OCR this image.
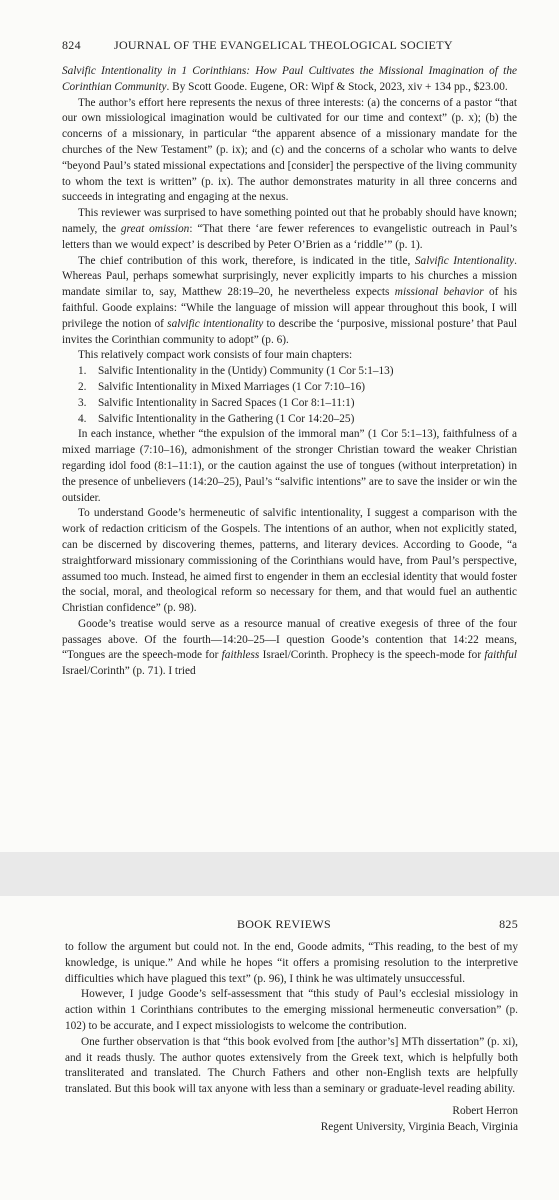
824	JOURNAL OF THE EVANGELICAL THEOLOGICAL SOCIETY

Salvific Intentionality in 1 Corinthians: How Paul Cultivates the Missional Imagination of the Corinthian Community. By Scott Goode. Eugene, OR: Wipf & Stock, 2023, xiv + 134 pp., $23.00.

The author’s effort here represents the nexus of three interests: (a) the concerns of a pastor “that our own missiological imagination would be cultivated for our time and context” (p. x); (b) the concerns of a missionary, in particular “the apparent absence of a missionary mandate for the churches of the New Testament” (p. ix); and (c) and the concerns of a scholar who wants to delve “beyond Paul’s stated missional expectations and [consider] the perspective of the living community to whom the text is written” (p. ix). The author demonstrates maturity in all three concerns and succeeds in integrating and engaging at the nexus.

This reviewer was surprised to have something pointed out that he probably should have known; namely, the great omission: “That there ‘are fewer references to evangelistic outreach in Paul’s letters than we would expect’ is described by Peter O’Brien as a ‘riddle’” (p. 1).

The chief contribution of this work, therefore, is indicated in the title, Salvific Intentionality. Whereas Paul, perhaps somewhat surprisingly, never explicitly imparts to his churches a mission mandate similar to, say, Matthew 28:19–20, he nevertheless expects missional behavior of his faithful. Goode explains: “While the language of mission will appear throughout this book, I will privilege the notion of salvific intentionality to describe the ‘purposive, missional posture’ that Paul invites the Corinthian community to adopt” (p. 6).

This relatively compact work consists of four main chapters:

1.	Salvific Intentionality in the (Untidy) Community (1 Cor 5:1–13)
2.	Salvific Intentionality in Mixed Marriages (1 Cor 7:10–16)
3.	Salvific Intentionality in Sacred Spaces (1 Cor 8:1–11:1)
4.	Salvific Intentionality in the Gathering (1 Cor 14:20–25)

In each instance, whether “the expulsion of the immoral man” (1 Cor 5:1–13), faithfulness of a mixed marriage (7:10–16), admonishment of the stronger Christian toward the weaker Christian regarding idol food (8:1–11:1), or the caution against the use of tongues (without interpretation) in the presence of unbelievers (14:20–25), Paul’s “salvific intentions” are to save the insider or win the outsider.

To understand Goode’s hermeneutic of salvific intentionality, I suggest a comparison with the work of redaction criticism of the Gospels. The intentions of an author, when not explicitly stated, can be discerned by discovering themes, patterns, and literary devices. According to Goode, “a straightforward missionary commissioning of the Corinthians would have, from Paul’s perspective, assumed too much. Instead, he aimed first to engender in them an ecclesial identity that would foster the social, moral, and theological reform so necessary for them, and that would fuel an authentic Christian confidence” (p. 98).

Goode’s treatise would serve as a resource manual of creative exegesis of three of the four passages above. Of the fourth—14:20–25—I question Goode’s contention that 14:22 means, “Tongues are the speech-mode for faithless Israel/Corinth. Prophecy is the speech-mode for faithful Israel/Corinth” (p. 71). I tried

BOOK REVIEWS	825

to follow the argument but could not. In the end, Goode admits, “This reading, to the best of my knowledge, is unique.” And while he hopes “it offers a promising resolution to the interpretive difficulties which have plagued this text” (p. 96), I think he was ultimately unsuccessful.

However, I judge Goode’s self-assessment that “this study of Paul’s ecclesial missiology in action within 1 Corinthians contributes to the emerging missional hermeneutic conversation” (p. 102) to be accurate, and I expect missiologists to welcome the contribution.

One further observation is that “this book evolved from [the author’s] MTh dissertation” (p. xi), and it reads thusly. The author quotes extensively from the Greek text, which is helpfully both transliterated and translated. The Church Fathers and other non-English texts are helpfully translated. But this book will tax anyone with less than a seminary or graduate-level reading ability.

Robert Herron
Regent University, Virginia Beach, Virginia
